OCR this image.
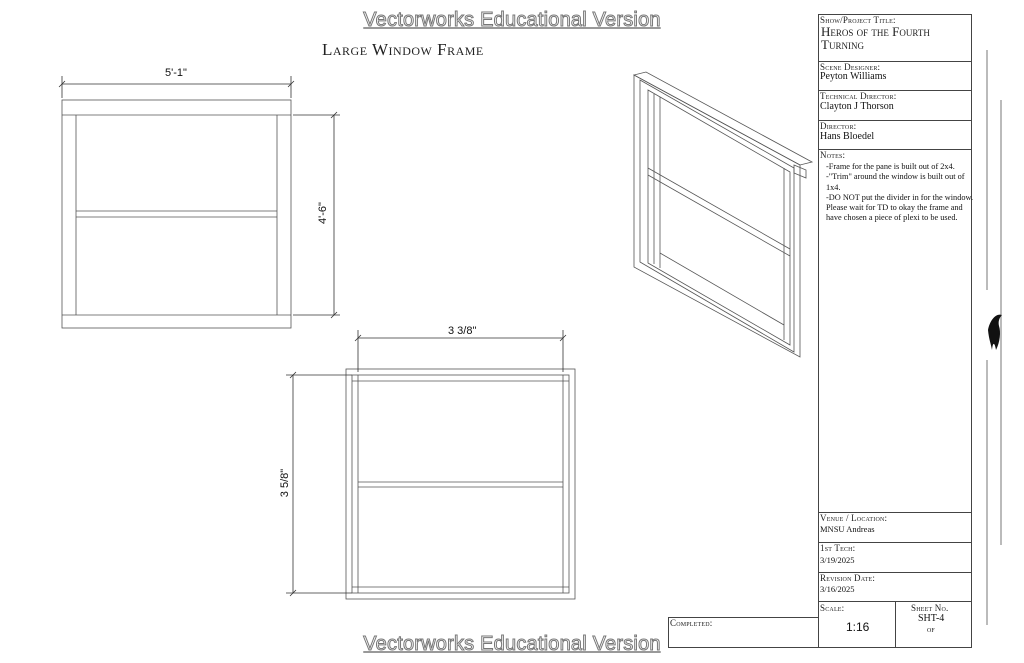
Vectorworks Educational Version
Vectorworks Educational Version
Large Window Frame
5'-1"
4'-6"
3 3/8"
3 5/8"
Show/Project Title:
Heros of the Fourth Turning
Scene Designer:
Peyton Williams
Technical Director:
Clayton J Thorson
Director:
Hans Bloedel
Notes:
-Frame for the pane is built out of 2x4.
-"Trim" around the window is built out of 1x4.
-DO NOT put the divider in for the window. Please wait for TD to okay the frame and have chosen a piece of plexi to be used.
Venue / Location:
MNSU Andreas
1st Tech:
3/19/2025
Revision Date:
3/16/2025
Scale:
1:16
Sheet No.
SHT-4
of
Completed:
